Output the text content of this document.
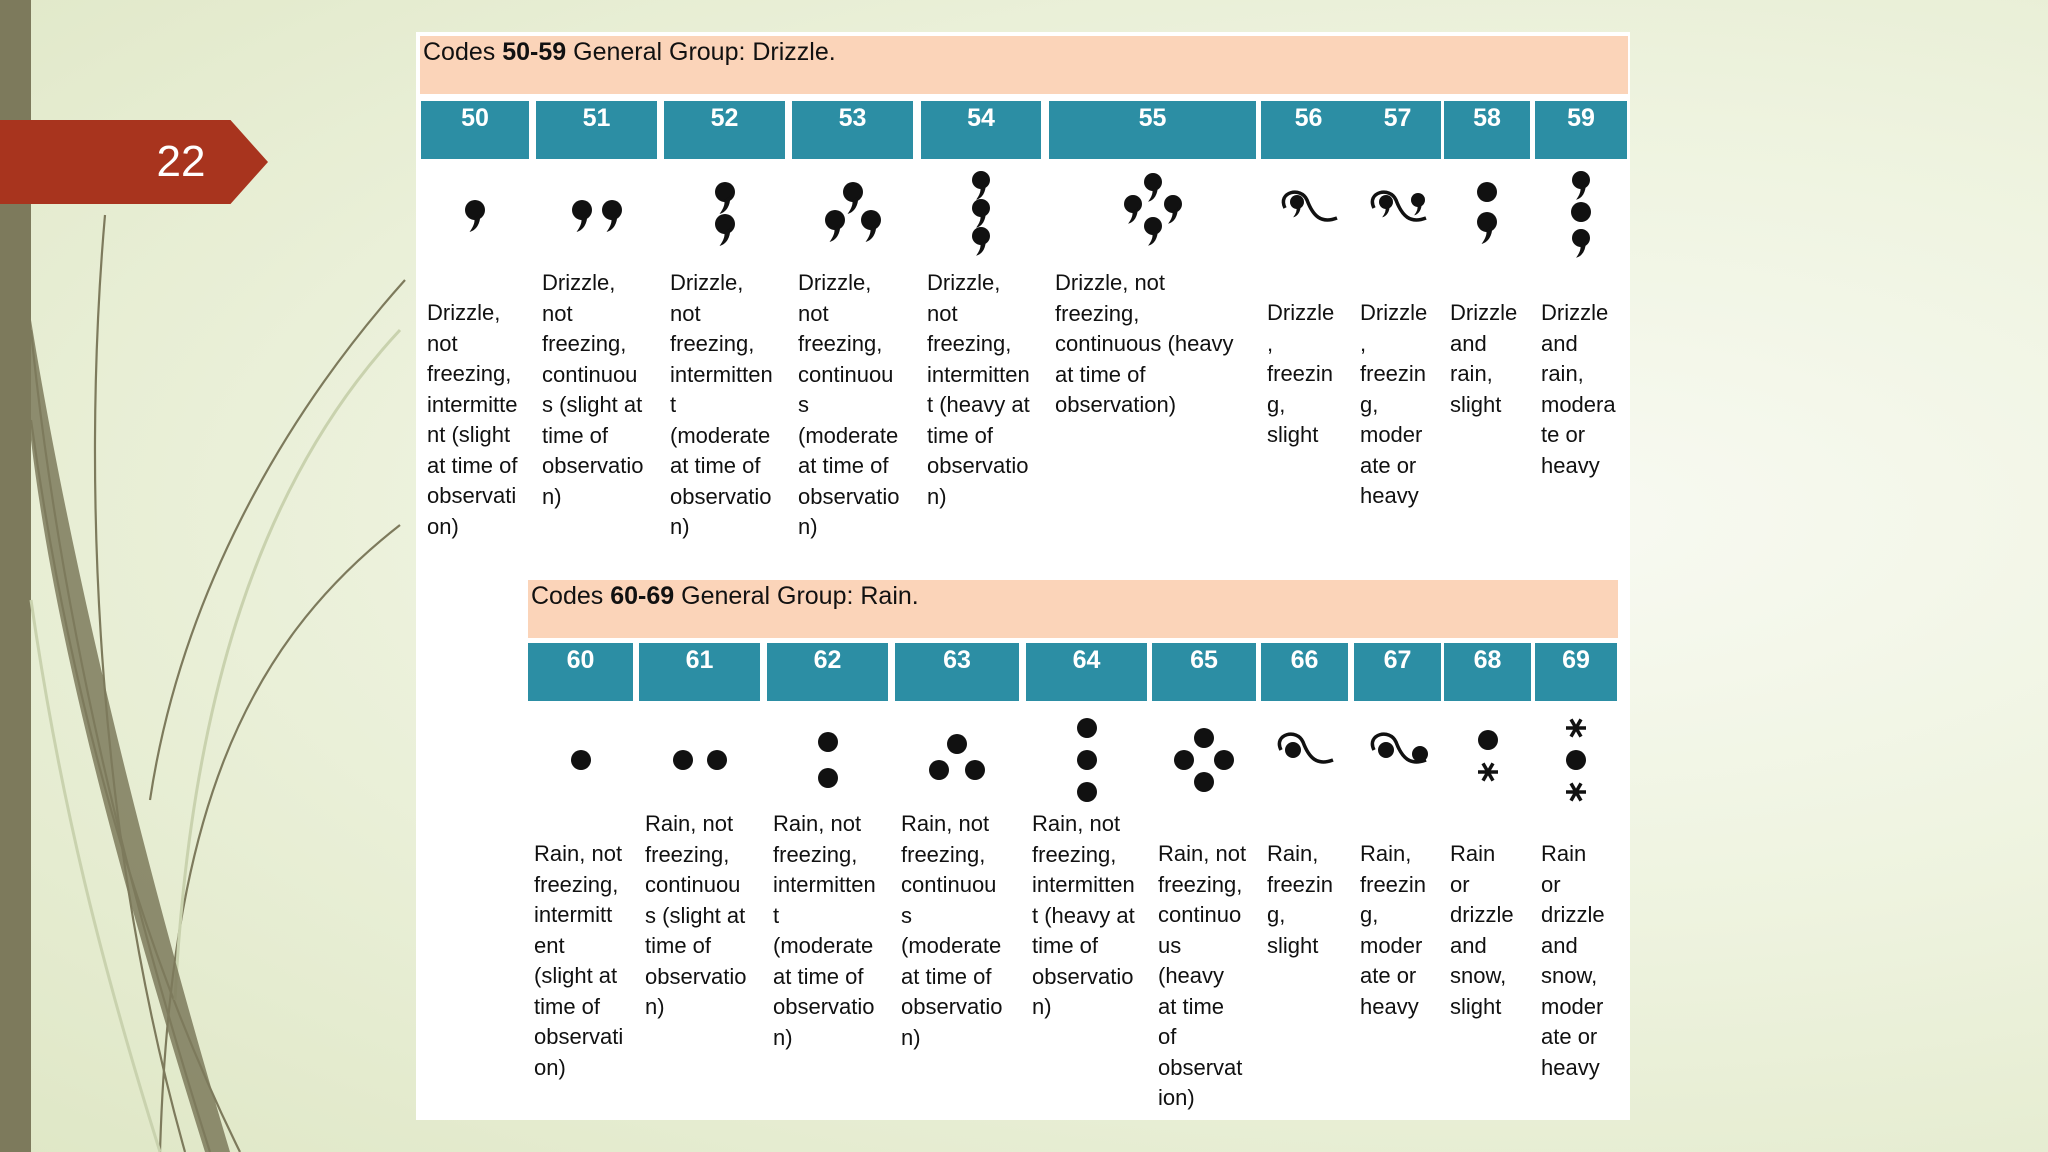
22
Codes 50-59 General Group: Drizzle.
50
Drizzle,
not
freezing,
intermitte
nt (slight
at time of
observati
on)
51
Drizzle,
not
freezing,
continuou
s (slight at
time of
observatio
n)
52
Drizzle,
not
freezing,
intermitten
t
(moderate
at time of
observatio
n)
53
Drizzle,
not
freezing,
continuou
s
(moderate
at time of
observatio
n)
54
Drizzle,
not
freezing,
intermitten
t (heavy at
time of
observatio
n)
55
Drizzle, not
freezing,
continuous (heavy
at time of
observation)
56
Drizzle
,
freezin
g,
slight
57
Drizzle
,
freezin
g,
moder
ate or
heavy
58
Drizzle
and
rain,
slight
59
Drizzle
and
rain,
modera
te or
heavy
Codes 60-69 General Group: Rain.
60
Rain, not
freezing,
intermitt
ent
(slight at
time of
observati
on)
61
Rain, not
freezing,
continuou
s (slight at
time of
observatio
n)
62
Rain, not
freezing,
intermitten
t
(moderate
at time of
observatio
n)
63
Rain, not
freezing,
continuou
s
(moderate
at time of
observatio
n)
64
Rain, not
freezing,
intermitten
t (heavy at
time of
observatio
n)
65
Rain, not
freezing,
continuo
us
(heavy
at time
of
observat
ion)
66
Rain,
freezin
g,
slight
67
Rain,
freezin
g,
moder
ate or
heavy
68
Rain
or
drizzle
and
snow,
slight
69
Rain
or
drizzle
and
snow,
moder
ate or
heavy
